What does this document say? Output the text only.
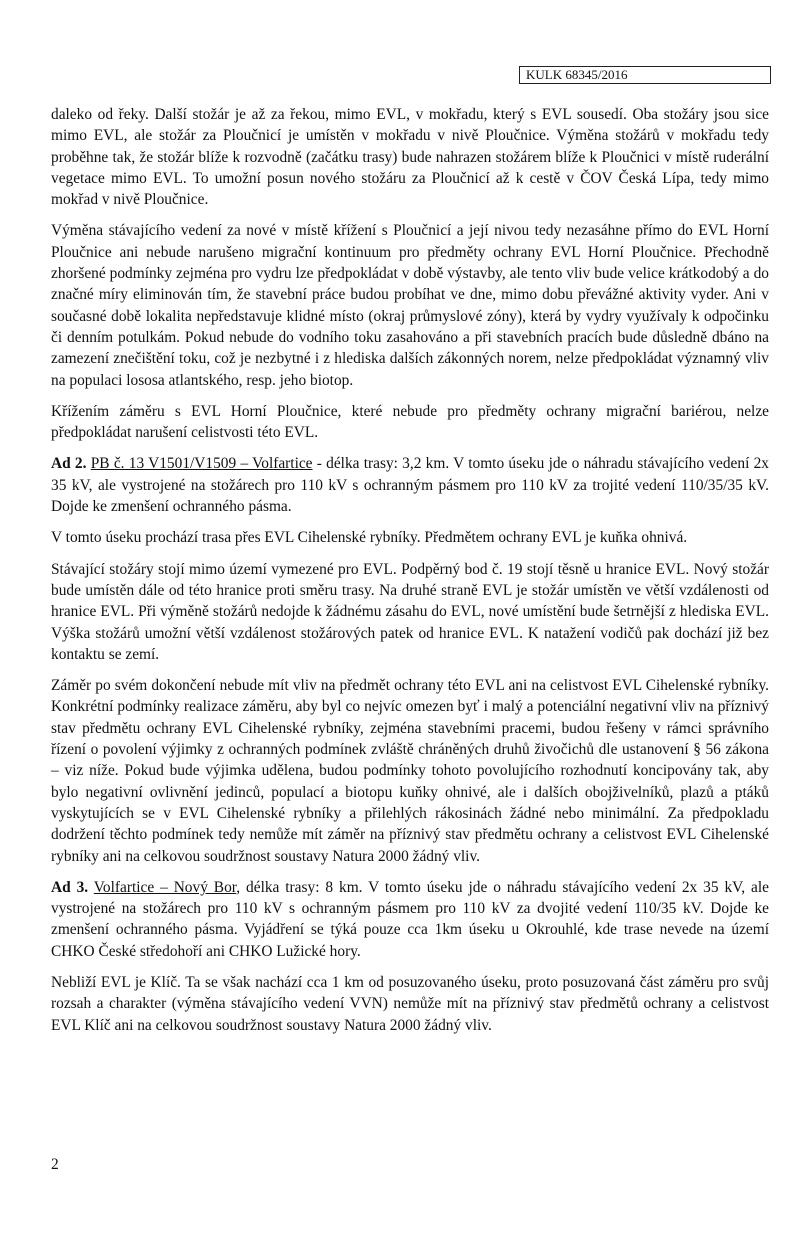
KULK 68345/2016

daleko od řeky. Další stožár je až za řekou, mimo EVL, v mokřadu, který s EVL sousedí. Oba stožáry jsou sice mimo EVL, ale stožár za Ploučnicí je umístěn v mokřadu v nivě Ploučnice. Výměna stožárů v mokřadu tedy proběhne tak, že stožár blíže k rozvodně (začátku trasy) bude nahrazen stožárem blíže k Ploučnici v místě ruderální vegetace mimo EVL. To umožní posun nového stožáru za Ploučnicí až k cestě v ČOV Česká Lípa, tedy mimo mokřad v nivě Ploučnice.

Výměna stávajícího vedení za nové v místě křížení s Ploučnicí a její nivou tedy nezasáhne přímo do EVL Horní Ploučnice ani nebude narušeno migrační kontinuum pro předměty ochrany EVL Horní Ploučnice. Přechodně zhoršené podmínky zejména pro vydru lze předpokládat v době výstavby, ale tento vliv bude velice krátkodobý a do značné míry eliminován tím, že stavební práce budou probíhat ve dne, mimo dobu převážné aktivity vyder. Ani v současné době lokalita nepředstavuje klidné místo (okraj průmyslové zóny), která by vydry využívaly k odpočinku či denním potulkám. Pokud nebude do vodního toku zasahováno a při stavebních pracích bude důsledně dbáno na zamezení znečištění toku, což je nezbytné i z hlediska dalších zákonných norem, nelze předpokládat významný vliv na populaci lososa atlantského, resp. jeho biotop.

Křížením záměru s EVL Horní Ploučnice, které nebude pro předměty ochrany migrační bariérou, nelze předpokládat narušení celistvosti této EVL.

Ad 2. PB č. 13 V1501/V1509 – Volfartice - délka trasy: 3,2 km. V tomto úseku jde o náhradu stávajícího vedení 2x 35 kV, ale vystrojené na stožárech pro 110 kV s ochranným pásmem pro 110 kV za trojité vedení 110/35/35 kV. Dojde ke zmenšení ochranného pásma.

V tomto úseku prochází trasa přes EVL Cihelenské rybníky. Předmětem ochrany EVL je kuňka ohnivá.

Stávající stožáry stojí mimo území vymezené pro EVL. Podpěrný bod č. 19 stojí těsně u hranice EVL. Nový stožár bude umístěn dále od této hranice proti směru trasy. Na druhé straně EVL je stožár umístěn ve větší vzdálenosti od hranice EVL. Při výměně stožárů nedojde k žádnému zásahu do EVL, nové umístění bude šetrnější z hlediska EVL. Výška stožárů umožní větší vzdálenost stožárových patek od hranice EVL. K natažení vodičů pak dochází již bez kontaktu se zemí.

Záměr po svém dokončení nebude mít vliv na předmět ochrany této EVL ani na celistvost EVL Cihelenské rybníky. Konkrétní podmínky realizace záměru, aby byl co nejvíc omezen byť i malý a potenciální negativní vliv na příznivý stav předmětu ochrany EVL Cihelenské rybníky, zejména stavebními pracemi, budou řešeny v rámci správního řízení o povolení výjimky z ochranných podmínek zvláště chráněných druhů živočichů dle ustanovení § 56 zákona – viz níže. Pokud bude výjimka udělena, budou podmínky tohoto povolujícího rozhodnutí koncipovány tak, aby bylo negativní ovlivnění jedinců, populací a biotopu kuňky ohnivé, ale i dalších obojživelníků, plazů a ptáků vyskytujících se v EVL Cihelenské rybníky a přilehlých rákosinách žádné nebo minimální. Za předpokladu dodržení těchto podmínek tedy nemůže mít záměr na příznivý stav předmětu ochrany a celistvost EVL Cihelenské rybníky ani na celkovou soudržnost soustavy Natura 2000 žádný vliv.

Ad 3. Volfartice – Nový Bor, délka trasy: 8 km. V tomto úseku jde o náhradu stávajícího vedení 2x 35 kV, ale vystrojené na stožárech pro 110 kV s ochranným pásmem pro 110 kV za dvojité vedení 110/35 kV. Dojde ke zmenšení ochranného pásma. Vyjádření se týká pouze cca 1km úseku u Okrouhlé, kde trase nevede na území CHKO České středohoří ani CHKO Lužické hory.

Nebliží EVL je Klíč. Ta se však nachází cca 1 km od posuzovaného úseku, proto posuzovaná část záměru pro svůj rozsah a charakter (výměna stávajícího vedení VVN) nemůže mít na příznivý stav předmětů ochrany a celistvost EVL Klíč ani na celkovou soudržnost soustavy Natura 2000 žádný vliv.

2
